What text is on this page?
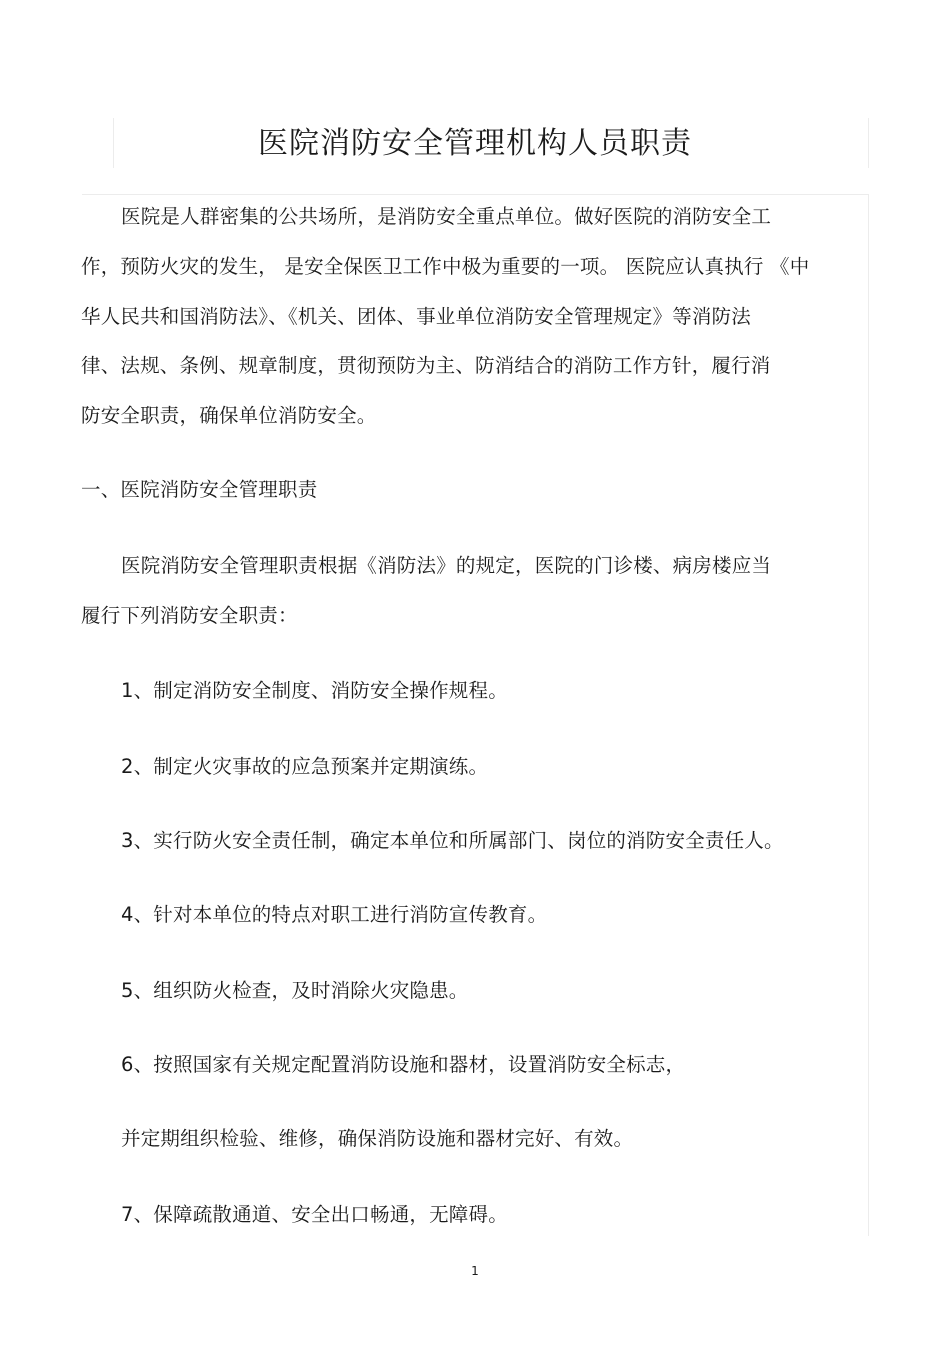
医院消防安全管理机构人员职责
医院是人群密集的公共场所，是消防安全重点单位。做好医院的消防安全工
作，预防火灾的发生， 是安全保医卫工作中极为重要的一项。 医院应认真执行 《中
华人民共和国消防法》、《机关、团体、事业单位消防安全管理规定》等消防法
律、法规、条例、规章制度，贯彻预防为主、防消结合的消防工作方针，履行消
防安全职责，确保单位消防安全。
一、医院消防安全管理职责
医院消防安全管理职责根据《消防法》的规定，医院的门诊楼、病房楼应当
履行下列消防安全职责：
1、制定消防安全制度、消防安全操作规程。
2、制定火灾事故的应急预案并定期演练。
3、实行防火安全责任制，确定本单位和所属部门、岗位的消防安全责任人。
4、针对本单位的特点对职工进行消防宣传教育。
5、组织防火检查，及时消除火灾隐患。
6、按照国家有关规定配置消防设施和器材，设置消防安全标志，
并定期组织检验、维修，确保消防设施和器材完好、有效。
7、保障疏散通道、安全出口畅通，无障碍。
1
